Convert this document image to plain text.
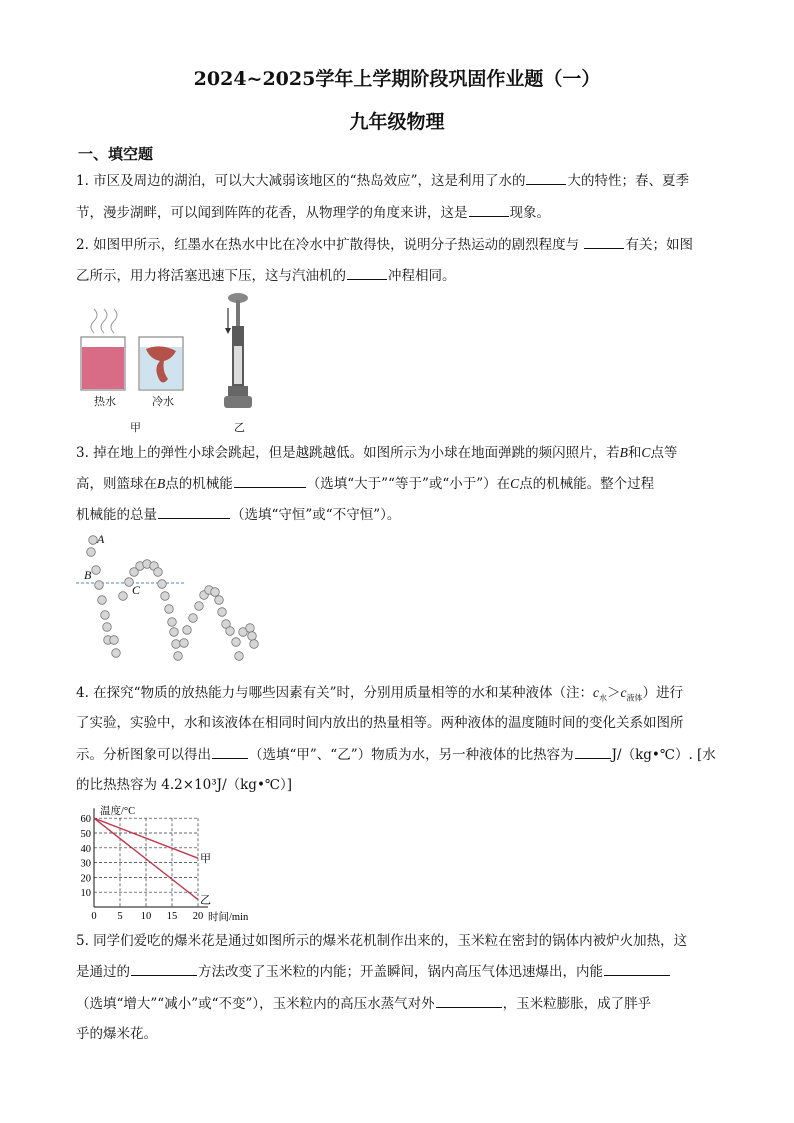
2024~2025学年上学期阶段巩固作业题（一）
九年级物理
一、填空题
1. 市区及周边的湖泊，可以大大减弱该地区的“热岛效应”，这是利用了水的	大的特性；春、夏季
节，漫步湖畔，可以闻到阵阵的花香，从物理学的角度来讲，这是	现象。
2. 如图甲所示，红墨水在热水中比在冷水中扩散得快，说明分子热运动的剧烈程度与	有关；如图
乙所示，用力将活塞迅速下压，这与汽油机的	冲程相同。
热水	冷水
甲	乙
3. 掉在地上的弹性小球会跳起，但是越跳越低。如图所示为小球在地面弹跳的频闪照片，若B和C点等
高，则篮球在B点的机械能	（选填“大于”“等于”或“小于”）在C点的机械能。整个过程
机械能的总量	（选填“守恒”或“不守恒”）。
A
B
C
4. 在探究“物质的放热能力与哪些因素有关”时，分别用质量相等的水和某种液体（注：$c_水>c_{液体}$）进行
了实验，实验中，水和该液体在相同时间内放出的热量相等。两种液体的温度随时间的变化关系如图所
示。分析图象可以得出	（选填“甲”、“乙”）物质为水，另一种液体的比热容为	J/（kg•℃）. [水
的比热热容为 4.2×10³J/（kg•℃）]
0 5 10 15 20
10
20
30
40
50
60
温度/°C
时间/min
甲
乙
5. 同学们爱吃的爆米花是通过如图所示的爆米花机制作出来的，玉米粒在密封的锅体内被炉火加热，这
是通过的	方法改变了玉米粒的内能；开盖瞬间，锅内高压气体迅速爆出，内能
（选填“增大”“减小”或“不变”），玉米粒内的高压水蒸气对外	，玉米粒膨胀，成了胖乎
乎的爆米花。
